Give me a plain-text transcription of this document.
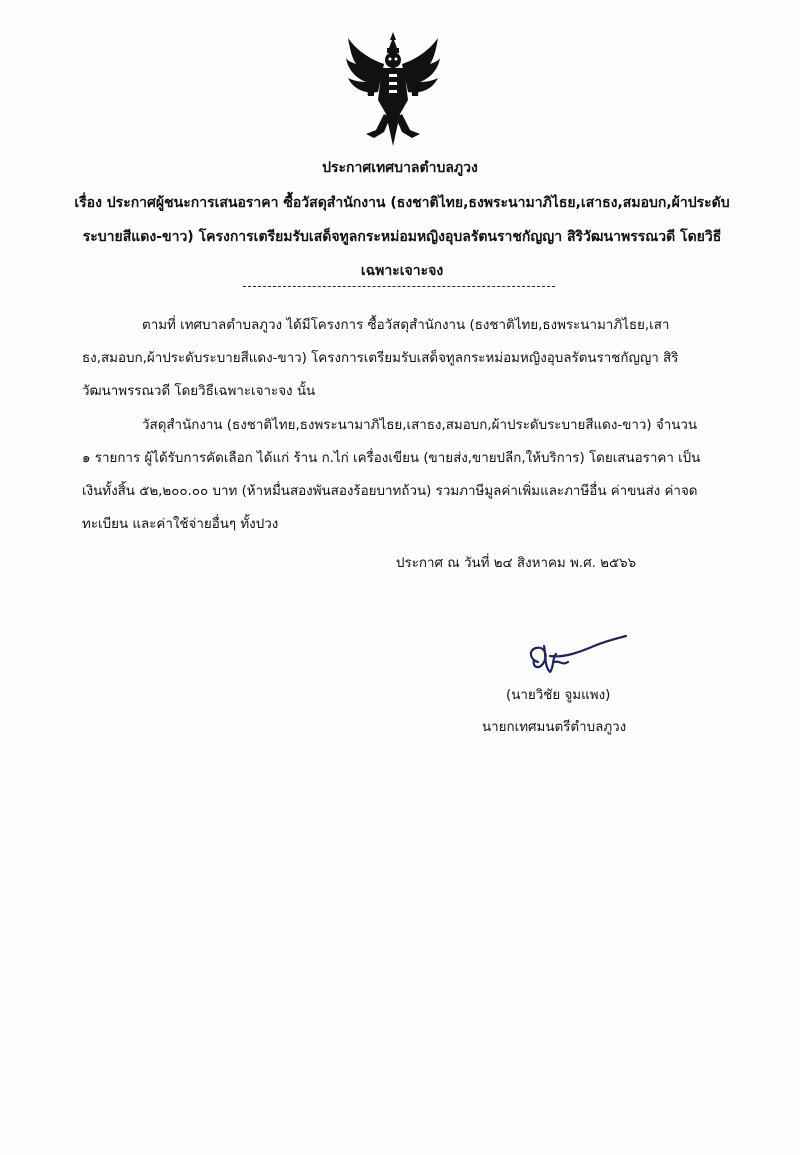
ประกาศเทศบาลตำบลภูวง
เรื่อง ประกาศผู้ชนะการเสนอราคา ซื้อวัสดุสำนักงาน (ธงชาติไทย,ธงพระนามาภิไธย,เสาธง,สมอบก,ผ้าประดับระบายสีแดง-ขาว) โครงการเตรียมรับเสด็จทูลกระหม่อมหญิงอุบลรัตนราชกัญญา สิริวัฒนาพรรณวดี โดยวิธีเฉพาะเจาะจง
ตามที่ เทศบาลตำบลภูวง ได้มีโครงการ ซื้อวัสดุสำนักงาน (ธงชาติไทย,ธงพระนามาภิไธย,เสาธง,สมอบก,ผ้าประดับระบายสีแดง-ขาว) โครงการเตรียมรับเสด็จทูลกระหม่อมหญิงอุบลรัตนราชกัญญา สิริวัฒนาพรรณวดี โดยวิธีเฉพาะเจาะจง นั้น
วัสดุสำนักงาน (ธงชาติไทย,ธงพระนามาภิไธย,เสาธง,สมอบก,ผ้าประดับระบายสีแดง-ขาว) จำนวน ๑ รายการ ผู้ได้รับการคัดเลือก ได้แก่ ร้าน ก.ไก่ เครื่องเขียน (ขายส่ง,ขายปลีก,ให้บริการ) โดยเสนอราคา เป็นเงินทั้งสิ้น ๕๒,๒๐๐.๐๐ บาท (ห้าหมื่นสองพันสองร้อยบาทถ้วน) รวมภาษีมูลค่าเพิ่มและภาษีอื่น ค่าขนส่ง ค่าจดทะเบียน และค่าใช้จ่ายอื่นๆ ทั้งปวง
ประกาศ ณ วันที่ ๒๔ สิงหาคม พ.ศ. ๒๕๖๖
(นายวิชัย จูมแพง)
นายกเทศมนตรีตำบลภูวง
